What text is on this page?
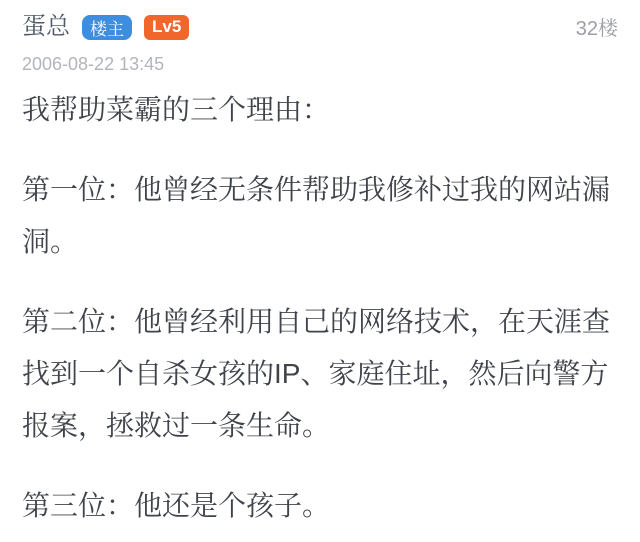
蛋总	楼主	Lv5	32楼
2006-08-22 13:45

我帮助菜霸的三个理由：

第一位：他曾经无条件帮助我修补过我的网站漏洞。

第二位：他曾经利用自己的网络技术，在天涯查找到一个自杀女孩的IP、家庭住址，然后向警方报案，拯救过一条生命。

第三位：他还是个孩子。
